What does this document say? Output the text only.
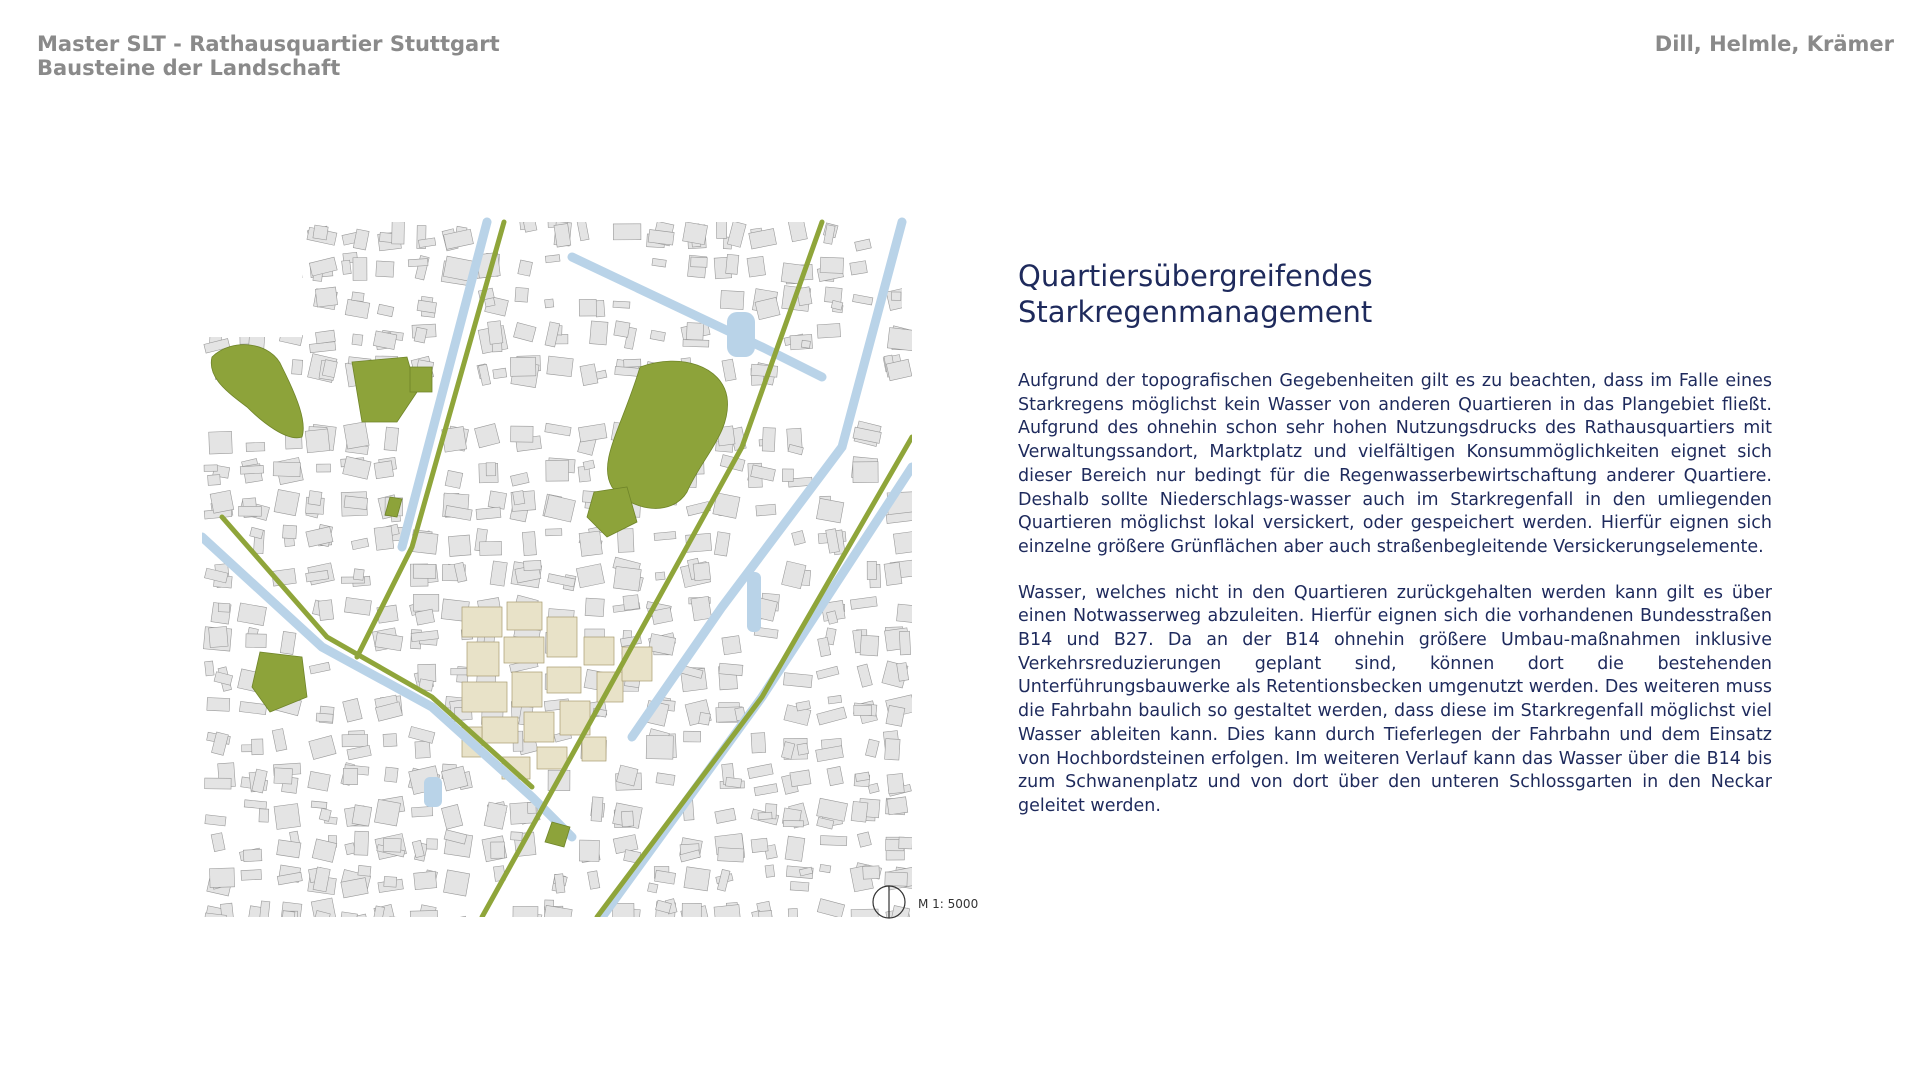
Master SLT - Rathausquartier Stuttgart
Bausteine der Landschaft
Dill, Helmle, Krämer
M 1: 5000
Quartiersübergreifendes
Starkregenmanagement

Aufgrund der topografischen Gegebenheiten gilt es zu beachten, dass im Falle eines Starkregens möglichst kein Wasser von anderen Quartieren in das Plangebiet fließt. Aufgrund des ohnehin schon sehr hohen Nutzungsdrucks des Rathausquartiers mit Verwaltungssandort, Marktplatz und vielfältigen Konsummöglichkeiten eignet sich dieser Bereich nur bedingt für die Regenwasserbewirtschaftung anderer Quartiere. Deshalb sollte Niederschlags-wasser auch im Starkregenfall in den umliegenden Quartieren möglichst lokal versickert, oder gespeichert werden. Hierfür eignen sich einzelne größere Grünflächen aber auch straßenbegleitende Versickerungselemente.

Wasser, welches nicht in den Quartieren zurückgehalten werden kann gilt es über einen Notwasserweg abzuleiten. Hierfür eignen sich die vorhandenen Bundesstraßen B14 und B27. Da an der B14 ohnehin größere Umbau-maßnahmen inklusive Verkehrsreduzierungen geplant sind, können dort die bestehenden Unterführungsbauwerke als Retentionsbecken umgenutzt werden. Des weiteren muss die Fahrbahn baulich so gestaltet werden, dass diese im Starkregenfall möglichst viel Wasser ableiten kann. Dies kann durch Tieferlegen der Fahrbahn und dem Einsatz von Hochbordsteinen erfolgen. Im weiteren Verlauf kann das Wasser über die B14 bis zum Schwanenplatz und von dort über den unteren Schlossgarten in den Neckar geleitet werden.
